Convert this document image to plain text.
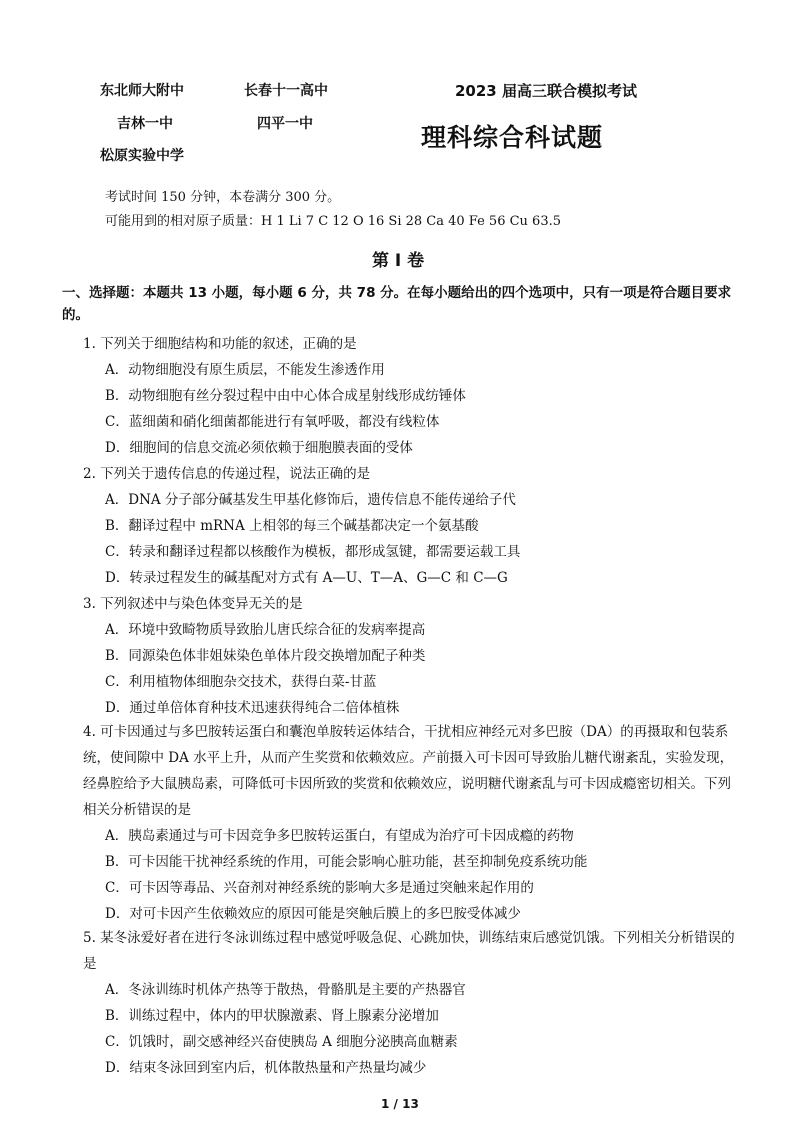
东北师大附中	长春十一高中
吉林一中	四平一中
松原实验中学
2023 届高三联合模拟考试
理科综合科试题
考试时间 150 分钟，本卷满分 300 分。
可能用到的相对原子质量：H 1 Li 7 C 12 O 16 Si 28 Ca 40 Fe 56 Cu 63.5
第 I 卷
一、选择题：本题共 13 小题，每小题 6 分，共 78 分。在每小题给出的四个选项中，只有一项是符合题目要求的。
1. 下列关于细胞结构和功能的叙述，正确的是
A．动物细胞没有原生质层，不能发生渗透作用
B．动物细胞有丝分裂过程中由中心体合成星射线形成纺锤体
C．蓝细菌和硝化细菌都能进行有氧呼吸，都没有线粒体
D．细胞间的信息交流必须依赖于细胞膜表面的受体
2. 下列关于遗传信息的传递过程，说法正确的是
A．DNA 分子部分碱基发生甲基化修饰后，遗传信息不能传递给子代
B．翻译过程中 mRNA 上相邻的每三个碱基都决定一个氨基酸
C．转录和翻译过程都以核酸作为模板，都形成氢键，都需要运载工具
D．转录过程发生的碱基配对方式有 A—U、T—A、G—C 和 C—G
3. 下列叙述中与染色体变异无关的是
A．环境中致畸物质导致胎儿唐氏综合征的发病率提高
B．同源染色体非姐妹染色单体片段交换增加配子种类
C．利用植物体细胞杂交技术，获得白菜-甘蓝
D．通过单倍体育种技术迅速获得纯合二倍体植株
4. 可卡因通过与多巴胺转运蛋白和囊泡单胺转运体结合，干扰相应神经元对多巴胺（DA）的再摄取和包装系统，使间隙中 DA 水平上升，从而产生奖赏和依赖效应。产前摄入可卡因可导致胎儿糖代谢紊乱，实验发现，经鼻腔给予大鼠胰岛素，可降低可卡因所致的奖赏和依赖效应，说明糖代谢紊乱与可卡因成瘾密切相关。下列相关分析错误的是
A．胰岛素通过与可卡因竞争多巴胺转运蛋白，有望成为治疗可卡因成瘾的药物
B．可卡因能干扰神经系统的作用，可能会影响心脏功能，甚至抑制免疫系统功能
C．可卡因等毒品、兴奋剂对神经系统的影响大多是通过突触来起作用的
D．对可卡因产生依赖效应的原因可能是突触后膜上的多巴胺受体减少
5. 某冬泳爱好者在进行冬泳训练过程中感觉呼吸急促、心跳加快，训练结束后感觉饥饿。下列相关分析错误的是
A．冬泳训练时机体产热等于散热，骨骼肌是主要的产热器官
B．训练过程中，体内的甲状腺激素、肾上腺素分泌增加
C．饥饿时，副交感神经兴奋使胰岛 A 细胞分泌胰高血糖素
D．结束冬泳回到室内后，机体散热量和产热量均减少
1 / 13
